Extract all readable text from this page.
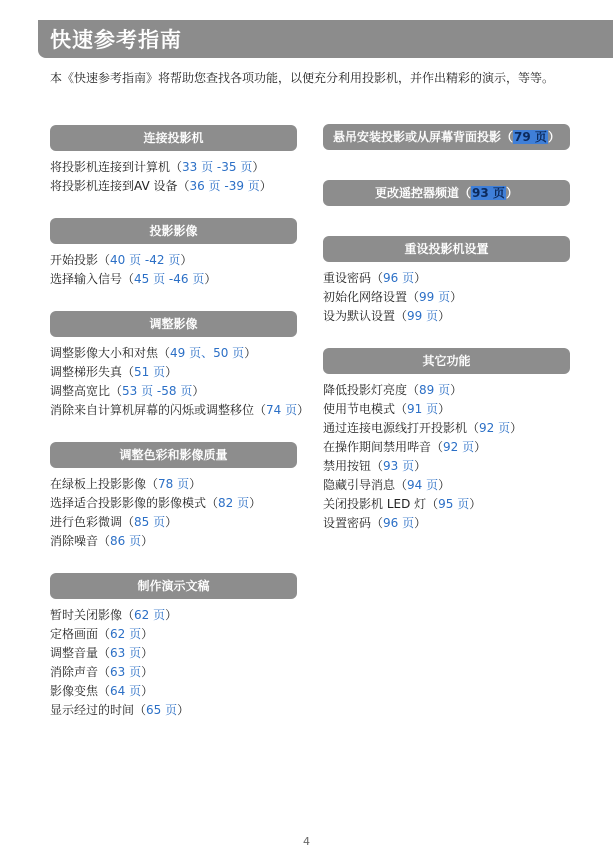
快速参考指南
本《快速参考指南》将帮助您查找各项功能，以便充分利用投影机，并作出精彩的演示，等等。
连接投影机
将投影机连接到计算机（33 页 -35 页）
将投影机连接到AV 设备（36 页 -39 页）
投影影像
开始投影（40 页 -42 页）
选择输入信号（45 页 -46 页）
调整影像
调整影像大小和对焦（49 页、50 页）
调整梯形失真（51 页）
调整高宽比（53 页 -58 页）
消除来自计算机屏幕的闪烁或调整移位（74 页）
调整色彩和影像质量
在绿板上投影影像（78 页）
选择适合投影影像的影像模式（82 页）
进行色彩微调（85 页）
消除噪音（86 页）
制作演示文稿
暂时关闭影像（62 页）
定格画面（62 页）
调整音量（63 页）
消除声音（63 页）
影像变焦（64 页）
显示经过的时间（65 页）
悬吊安装投影或从屏幕背面投影（79 页）
更改遥控器频道（93 页）
重设投影机设置
重设密码（96 页）
初始化网络设置（99 页）
设为默认设置（99 页）
其它功能
降低投影灯亮度（89 页）
使用节电模式（91 页）
通过连接电源线打开投影机（92 页）
在操作期间禁用哔音（92 页）
禁用按钮（93 页）
隐藏引导消息（94 页）
关闭投影机 LED 灯（95 页）
设置密码（96 页）
4
